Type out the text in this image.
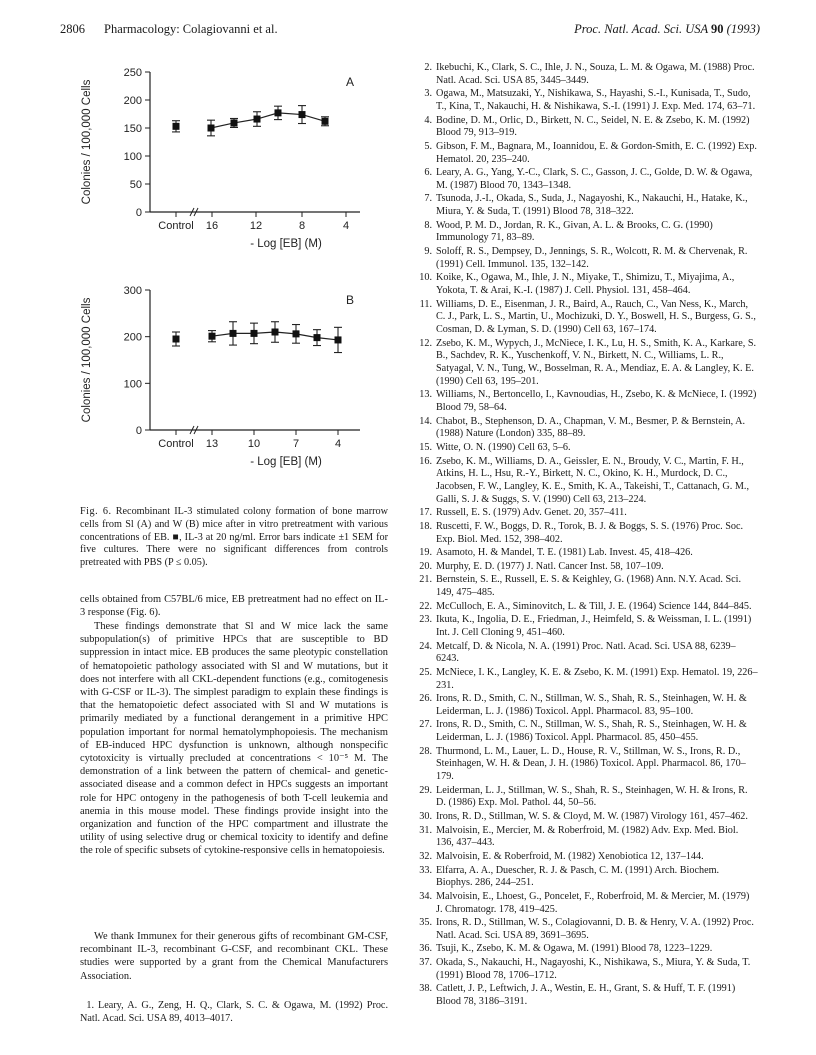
2806 Pharmacology: Colagiovanni et al.	Proc. Natl. Acad. Sci. USA 90 (1993)
0
50
100
150
200
250
Control 16	12	8	4
A
Colonies / 100,000 Cells
- Log [EB] (M)
0
100
200
300
Control 13	10	7	4
B
Colonies / 100,000 Cells
- Log [EB] (M)
Fig. 6. Recombinant IL-3 stimulated colony formation of bone marrow cells from Sl (A) and W (B) mice after in vitro pretreatment with various concentrations of EB. ■, IL-3 at 20 ng/ml. Error bars indicate ±1 SEM for five cultures. There were no significant differences from controls pretreated with PBS (P ≤ 0.05).
cells obtained from C57BL/6 mice, EB pretreatment had no effect on IL-3 response (Fig. 6).
These findings demonstrate that Sl and W mice lack the same subpopulation(s) of primitive HPCs that are susceptible to BD suppression in intact mice. EB produces the same pleotypic constellation of hematopoietic pathology associated with Sl and W mutations, but it does not interfere with all CKL-dependent functions (e.g., comitogenesis with G-CSF or IL-3). The simplest paradigm to explain these findings is that the hematopoietic defect associated with Sl and W mutations is primarily mediated by a functional derangement in a primitive HPC population important for normal hematolymphopoiesis. The mechanism of EB-induced HPC dysfunction is unknown, although nonspecific cytotoxicity is virtually precluded at concentrations < 10⁻⁵ M. The demonstration of a link between the pattern of chemical- and genetic-associated disease and a common defect in HPCs suggests an important role for HPC ontogeny in the pathogenesis of both T-cell leukemia and anemia in this mouse model. These findings provide insight into the organization and function of the HPC compartment and illustrate the utility of using selective drug or chemical toxicity to identify and define the role of specific subsets of cytokine-responsive cells in hematopoiesis.
We thank Immunex for their generous gifts of recombinant GM-CSF, recombinant IL-3, recombinant G-CSF, and recombinant CKL. These studies were supported by a grant from the Chemical Manufacturers Association.
1. Leary, A. G., Zeng, H. Q., Clark, S. C. & Ogawa, M. (1992) Proc. Natl. Acad. Sci. USA 89, 4013–4017.
2. Ikebuchi, K., Clark, S. C., Ihle, J. N., Souza, L. M. & Ogawa, M. (1988) Proc. Natl. Acad. Sci. USA 85, 3445–3449.
3. Ogawa, M., Matsuzaki, Y., Nishikawa, S., Hayashi, S.-I., Kunisada, T., Sudo, T., Kina, T., Nakauchi, H. & Nishikawa, S.-I. (1991) J. Exp. Med. 174, 63–71.
4. Bodine, D. M., Orlic, D., Birkett, N. C., Seidel, N. E. & Zsebo, K. M. (1992) Blood 79, 913–919.
5. Gibson, F. M., Bagnara, M., Ioannidou, E. & Gordon-Smith, E. C. (1992) Exp. Hematol. 20, 235–240.
6. Leary, A. G., Yang, Y.-C., Clark, S. C., Gasson, J. C., Golde, D. W. & Ogawa, M. (1987) Blood 70, 1343–1348.
7. Tsunoda, J.-I., Okada, S., Suda, J., Nagayoshi, K., Nakauchi, H., Hatake, K., Miura, Y. & Suda, T. (1991) Blood 78, 318–322.
8. Wood, P. M. D., Jordan, R. K., Givan, A. L. & Brooks, C. G. (1990) Immunology 71, 83–89.
9. Soloff, R. S., Dempsey, D., Jennings, S. R., Wolcott, R. M. & Chervenak, R. (1991) Cell. Immunol. 135, 132–142.
10. Koike, K., Ogawa, M., Ihle, J. N., Miyake, T., Shimizu, T., Miyajima, A., Yokota, T. & Arai, K.-I. (1987) J. Cell. Physiol. 131, 458–464.
11. Williams, D. E., Eisenman, J. R., Baird, A., Rauch, C., Van Ness, K., March, C. J., Park, L. S., Martin, U., Mochizuki, D. Y., Boswell, H. S., Burgess, G. S., Cosman, D. & Lyman, S. D. (1990) Cell 63, 167–174.
12. Zsebo, K. M., Wypych, J., McNiece, I. K., Lu, H. S., Smith, K. A., Karkare, S. B., Sachdev, R. K., Yuschenkoff, V. N., Birkett, N. C., Williams, L. R., Satyagal, V. N., Tung, W., Bosselman, R. A., Mendiaz, E. A. & Langley, K. E. (1990) Cell 63, 195–201.
13. Williams, N., Bertoncello, I., Kavnoudias, H., Zsebo, K. & McNiece, I. (1992) Blood 79, 58–64.
14. Chabot, B., Stephenson, D. A., Chapman, V. M., Besmer, P. & Bernstein, A. (1988) Nature (London) 335, 88–89.
15. Witte, O. N. (1990) Cell 63, 5–6.
16. Zsebo, K. M., Williams, D. A., Geissler, E. N., Broudy, V. C., Martin, F. H., Atkins, H. L., Hsu, R.-Y., Birkett, N. C., Okino, K. H., Murdock, D. C., Jacobsen, F. W., Langley, K. E., Smith, K. A., Takeishi, T., Cattanach, G. M., Galli, S. J. & Suggs, S. V. (1990) Cell 63, 213–224.
17. Russell, E. S. (1979) Adv. Genet. 20, 357–411.
18. Ruscetti, F. W., Boggs, D. R., Torok, B. J. & Boggs, S. S. (1976) Proc. Soc. Exp. Biol. Med. 152, 398–402.
19. Asamoto, H. & Mandel, T. E. (1981) Lab. Invest. 45, 418–426.
20. Murphy, E. D. (1977) J. Natl. Cancer Inst. 58, 107–109.
21. Bernstein, S. E., Russell, E. S. & Keighley, G. (1968) Ann. N.Y. Acad. Sci. 149, 475–485.
22. McCulloch, E. A., Siminovitch, L. & Till, J. E. (1964) Science 144, 844–845.
23. Ikuta, K., Ingolia, D. E., Friedman, J., Heimfeld, S. & Weissman, I. L. (1991) Int. J. Cell Cloning 9, 451–460.
24. Metcalf, D. & Nicola, N. A. (1991) Proc. Natl. Acad. Sci. USA 88, 6239–6243.
25. McNiece, I. K., Langley, K. E. & Zsebo, K. M. (1991) Exp. Hematol. 19, 226–231.
26. Irons, R. D., Smith, C. N., Stillman, W. S., Shah, R. S., Steinhagen, W. H. & Leiderman, L. J. (1986) Toxicol. Appl. Pharmacol. 83, 95–100.
27. Irons, R. D., Smith, C. N., Stillman, W. S., Shah, R. S., Steinhagen, W. H. & Leiderman, L. J. (1986) Toxicol. Appl. Pharmacol. 85, 450–455.
28. Thurmond, L. M., Lauer, L. D., House, R. V., Stillman, W. S., Irons, R. D., Steinhagen, W. H. & Dean, J. H. (1986) Toxicol. Appl. Pharmacol. 86, 170–179.
29. Leiderman, L. J., Stillman, W. S., Shah, R. S., Steinhagen, W. H. & Irons, R. D. (1986) Exp. Mol. Pathol. 44, 50–56.
30. Irons, R. D., Stillman, W. S. & Cloyd, M. W. (1987) Virology 161, 457–462.
31. Malvoisin, E., Mercier, M. & Roberfroid, M. (1982) Adv. Exp. Med. Biol. 136, 437–443.
32. Malvoisin, E. & Roberfroid, M. (1982) Xenobiotica 12, 137–144.
33. Elfarra, A. A., Duescher, R. J. & Pasch, C. M. (1991) Arch. Biochem. Biophys. 286, 244–251.
34. Malvoisin, E., Lhoest, G., Poncelet, F., Roberfroid, M. & Mercier, M. (1979) J. Chromatogr. 178, 419–425.
35. Irons, R. D., Stillman, W. S., Colagiovanni, D. B. & Henry, V. A. (1992) Proc. Natl. Acad. Sci. USA 89, 3691–3695.
36. Tsuji, K., Zsebo, K. M. & Ogawa, M. (1991) Blood 78, 1223–1229.
37. Okada, S., Nakauchi, H., Nagayoshi, K., Nishikawa, S., Miura, Y. & Suda, T. (1991) Blood 78, 1706–1712.
38. Catlett, J. P., Leftwich, J. A., Westin, E. H., Grant, S. & Huff, T. F. (1991) Blood 78, 3186–3191.
